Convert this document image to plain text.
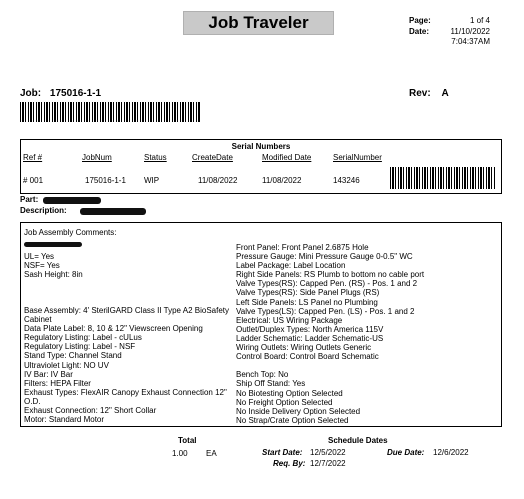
Job Traveler	Page:	1 of 4
Date:	11/10/2022
7:04:37AM
Job: 175016-1-1	Rev: A
Serial Numbers
Ref #	JobNum	Status	CreateDate	Modified Date	SerialNumber
# 001	175016-1-1 WIP	11/08/2022	11/08/2022	143246
Part:
Description:
Job Assembly Comments:
UL= Yes
NSF= Yes
Sash Height: 8in
Base Assembly: 4' SterilGARD Class II Type A2 BioSafety
Cabinet
Data Plate Label: 8, 10 & 12" Viewscreen Opening
Regulatory Listing: Label - cULus
Regulatory Listing: Label - NSF
Stand Type: Channel Stand
Ultraviolet Light: NO UV
IV Bar: IV Bar
Filters: HEPA Filter
Exhaust Types: FlexAIR Canopy Exhaust Connection 12"
O.D.
Exhaust Connection: 12" Short Collar
Motor: Standard Motor
Front Panel: Front Panel 2.6875 Hole
Pressure Gauge: Mini Pressure Gauge 0-0.5" WC
Label Package: Label Location
Right Side Panels: RS Plumb to bottom no cable port
Valve Types(RS): Capped Pen. (RS) - Pos. 1 and 2
Valve Types(RS): Side Panel Plugs (RS)
Left Side Panels: LS Panel no Plumbing
Valve Types(LS): Capped Pen. (LS) - Pos. 1 and 2
Electrical: US Wiring Package
Outlet/Duplex Types: North America 115V
Ladder Schematic: Ladder Schematic-US
Wiring Outlets: Wiring Outlets Generic
Control Board: Control Board Schematic

Bench Top: No
Ship Off Stand: Yes
No Biotesting Option Selected
No Freight Option Selected
No Inside Delivery Option Selected
No Strap/Crate Option Selected
Total
1.00 EA
Schedule Dates
Start Date: 12/5/2022	Due Date: 12/6/2022
Req. By: 12/7/2022
